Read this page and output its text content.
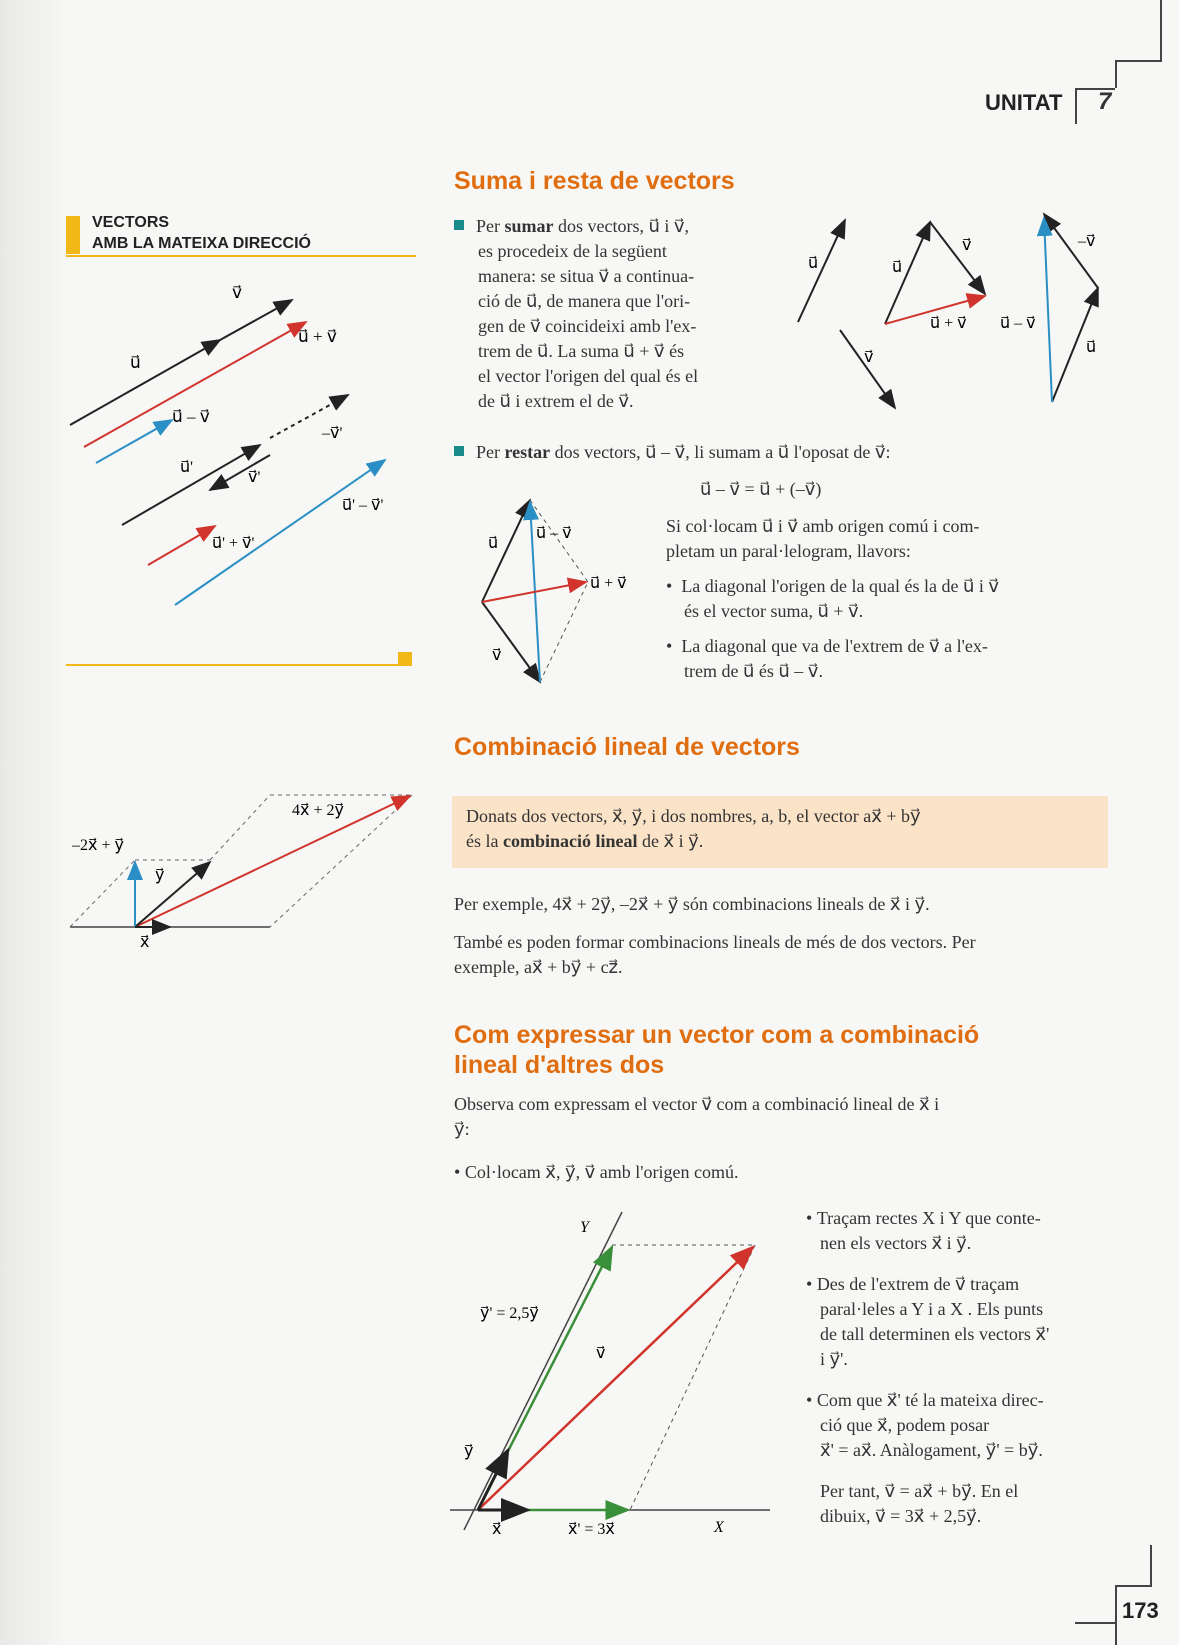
UNITAT 7
VECTORS
AMB LA MATEIXA DIRECCIÓ
v⃗
u⃗ + v⃗
u⃗
u⃗ – v⃗
–v⃗'
u⃗'
v⃗'
u⃗' – v⃗'
u⃗' + v⃗'
4x⃗ + 2y⃗
–2x⃗ + y⃗
y⃗
x⃗
Suma i resta de vectors
Per sumar dos vectors, u⃗ i v⃗,
es procedeix de la següent
manera: se situa v⃗ a continua-
ció de u⃗, de manera que l'ori-
gen de v⃗ coincideixi amb l'ex-
trem de u⃗. La suma u⃗ + v⃗ és
el vector l'origen del qual és el
de u⃗ i extrem el de v⃗.
u⃗
v⃗
u⃗
v⃗
u⃗ + v⃗
–v⃗
u⃗ – v⃗
u⃗
Per restar dos vectors, u⃗ – v⃗, li sumam a u⃗ l'oposat de v⃗:
u⃗ – v⃗ = u⃗ + (–v⃗)
u⃗
u⃗ – v⃗
u⃗ + v⃗
v⃗
Si col·locam u⃗ i v⃗ amb origen comú i com-
pletam un paral·lelogram, llavors:
•  La diagonal l'origen de la qual és la de u⃗ i v⃗
és el vector suma, u⃗ + v⃗.
•  La diagonal que va de l'extrem de v⃗ a l'ex-
trem de u⃗ és u⃗ – v⃗.
Combinació lineal de vectors
Donats dos vectors, x⃗, y⃗, i dos nombres, a, b, el vector ax⃗ + by⃗
és la combinació lineal de x⃗ i y⃗.
Per exemple, 4x⃗ + 2y⃗, –2x⃗ + y⃗ són combinacions lineals de x⃗ i y⃗.
També es poden formar combinacions lineals de més de dos vectors. Per
exemple, ax⃗ + by⃗ + cz⃗.
Com expressar un vector com a combinació
lineal d'altres dos
Observa com expressam el vector v⃗ com a combinació lineal de x⃗ i
y⃗:
• Col·locam x⃗, y⃗, v⃗ amb l'origen comú.
Y
X
y⃗' = 2,5y⃗
v⃗
y⃗
x⃗	x⃗' = 3x⃗
• Traçam rectes X i Y que conte-
nen els vectors x⃗ i y⃗.
• Des de l'extrem de v⃗ traçam
paral·leles a Y i a X . Els punts
de tall determinen els vectors x⃗'
i y⃗'.
• Com que x⃗' té la mateixa direc-
ció que x⃗, podem posar
x⃗' = ax⃗. Anàlogament, y⃗' = by⃗.
Per tant, v⃗ = ax⃗ + by⃗. En el
dibuix, v⃗ = 3x⃗ + 2,5y⃗.
173
